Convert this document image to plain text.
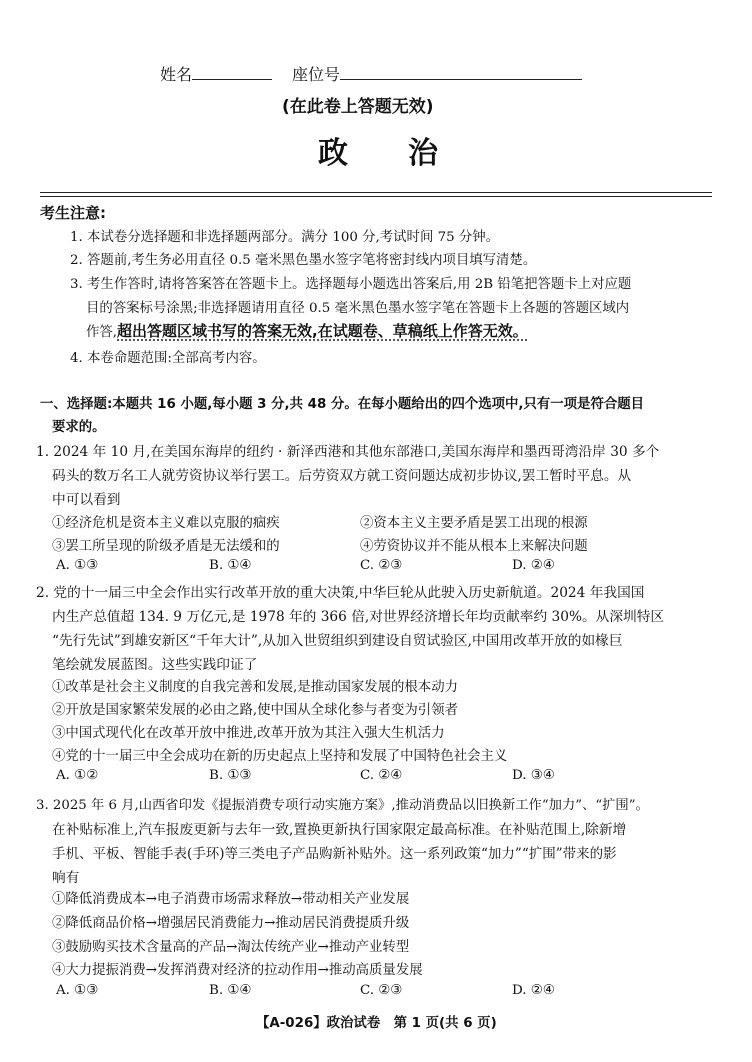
姓名	座位号
(在此卷上答题无效)
政　　治
考生注意:
1. 本试卷分选择题和非选择题两部分。满分 100 分,考试时间 75 分钟。
2. 答题前,考生务必用直径 0.5 毫米黑色墨水签字笔将密封线内项目填写清楚。
3. 考生作答时,请将答案答在答题卡上。选择题每小题选出答案后,用 2B 铅笔把答题卡上对应题
目的答案标号涂黑;非选择题请用直径 0.5 毫米黑色墨水签字笔在答题卡上各题的答题区域内
作答,超出答题区域书写的答案无效,在试题卷、草稿纸上作答无效。
4. 本卷命题范围:全部高考内容。
一、选择题:本题共 16 小题,每小题 3 分,共 48 分。在每小题给出的四个选项中,只有一项是符合题目
要求的。
1. 2024 年 10 月,在美国东海岸的纽约 · 新泽西港和其他东部港口,美国东海岸和墨西哥湾沿岸 30 多个
码头的数万名工人就劳资协议举行罢工。后劳资双方就工资问题达成初步协议,罢工暂时平息。从
中可以看到
①经济危机是资本主义难以克服的痼疾	②资本主义主要矛盾是罢工出现的根源
③罢工所呈现的阶级矛盾是无法缓和的	④劳资协议并不能从根本上来解决问题
A. ①③	B. ①④	C. ②③	D. ②④
2. 党的十一届三中全会作出实行改革开放的重大决策,中华巨轮从此驶入历史新航道。2024 年我国国
内生产总值超 134. 9 万亿元,是 1978 年的 366 倍,对世界经济增长年均贡献率约 30%。从深圳特区
“先行先试”到雄安新区“千年大计”,从加入世贸组织到建设自贸试验区,中国用改革开放的如椽巨
笔绘就发展蓝图。这些实践印证了
①改革是社会主义制度的自我完善和发展,是推动国家发展的根本动力
②开放是国家繁荣发展的必由之路,使中国从全球化参与者变为引领者
③中国式现代化在改革开放中推进,改革开放为其注入强大生机活力
④党的十一届三中全会成功在新的历史起点上坚持和发展了中国特色社会主义
A. ①②	B. ①③	C. ②④	D. ③④
3. 2025 年 6 月,山西省印发《提振消费专项行动实施方案》,推动消费品以旧换新工作“加力”、“扩围”。
在补贴标准上,汽车报废更新与去年一致,置换更新执行国家限定最高标准。在补贴范围上,除新增
手机、平板、智能手表(手环)等三类电子产品购新补贴外。这一系列政策“加力”“扩围”带来的影
响有
①降低消费成本→电子消费市场需求释放→带动相关产业发展
②降低商品价格→增强居民消费能力→推动居民消费提质升级
③鼓励购买技术含量高的产品→淘汰传统产业→推动产业转型
④大力提振消费→发挥消费对经济的拉动作用→推动高质量发展
A. ①③	B. ①④	C. ②③	D. ②④
【A-026】政治试卷　第 1 页(共 6 页)
